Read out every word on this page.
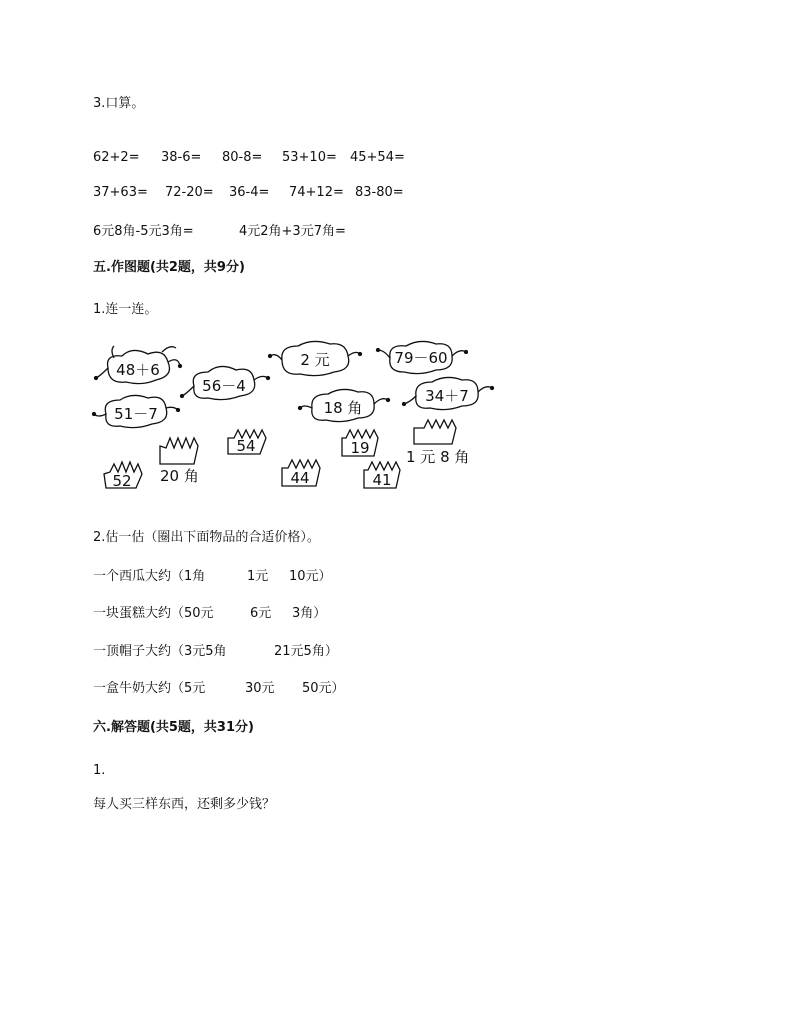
3.口算。
62+2= 38-6= 80-8= 53+10= 45+54=
37+63= 72-20= 36-4= 74+12= 83-80=
6元8角-5元3角=	4元2角+3元7角=
五.作图题(共2题，共9分)
1.连一连。
48＋6
56－4
51－7
2 元	79－60
18 角
34＋7
52
54
44
19
41
20 角
1 元 8 角
2.估一估（圈出下面物品的合适价格）。
一个西瓜大约（1角	1元 10元）
一块蛋糕大约（50元	6元 3角）
一顶帽子大约（3元5角	21元5角）
一盒牛奶大约（5元	30元 50元）
六.解答题(共5题，共31分)
1.
每人买三样东西，还剩多少钱？
